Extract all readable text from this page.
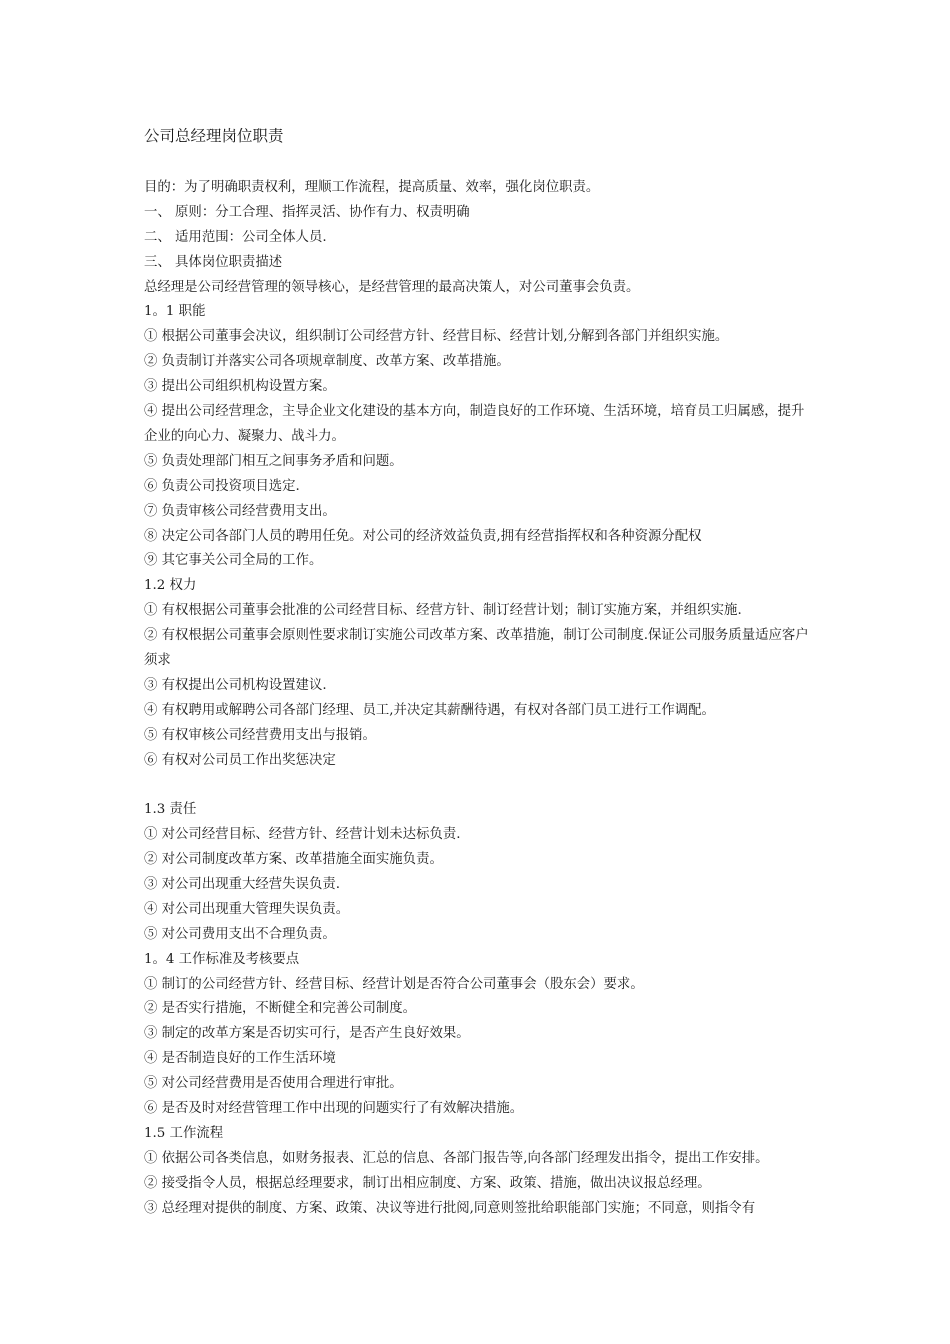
公司总经理岗位职责
目的：为了明确职责权利，理顺工作流程，提高质量、效率，强化岗位职责。
一、 原则：分工合理、指挥灵活、协作有力、权责明确
二、 适用范围：公司全体人员.
三、 具体岗位职责描述
总经理是公司经营管理的领导核心，是经营管理的最高决策人，对公司董事会负责。
1。1 职能
① 根据公司董事会决议，组织制订公司经营方针、经营目标、经营计划,分解到各部门并组织实施。
② 负责制订并落实公司各项规章制度、改革方案、改革措施。
③ 提出公司组织机构设置方案。
④ 提出公司经营理念，主导企业文化建设的基本方向，制造良好的工作环境、生活环境，培育员工归属感，提升企业的向心力、凝聚力、战斗力。
⑤ 负责处理部门相互之间事务矛盾和问题。
⑥ 负责公司投资项目选定.
⑦ 负责审核公司经营费用支出。
⑧ 决定公司各部门人员的聘用任免。对公司的经济效益负责,拥有经营指挥权和各种资源分配权
⑨ 其它事关公司全局的工作。
1.2 权力
① 有权根据公司董事会批准的公司经营目标、经营方针、制订经营计划；制订实施方案，并组织实施.
② 有权根据公司董事会原则性要求制订实施公司改革方案、改革措施，制订公司制度.保证公司服务质量适应客户须求
③ 有权提出公司机构设置建议.
④ 有权聘用或解聘公司各部门经理、员工,并决定其薪酬待遇，有权对各部门员工进行工作调配。
⑤ 有权审核公司经营费用支出与报销。
⑥ 有权对公司员工作出奖惩决定
1.3 责任
① 对公司经营目标、经营方针、经营计划未达标负责.
② 对公司制度改革方案、改革措施全面实施负责。
③ 对公司出现重大经营失误负责.
④ 对公司出现重大管理失误负责。
⑤ 对公司费用支出不合理负责。
1。4 工作标准及考核要点
① 制订的公司经营方针、经营目标、经营计划是否符合公司董事会（股东会）要求。
② 是否实行措施，不断健全和完善公司制度。
③ 制定的改革方案是否切实可行，是否产生良好效果。
④ 是否制造良好的工作生活环境
⑤ 对公司经营费用是否使用合理进行审批。
⑥ 是否及时对经营管理工作中出现的问题实行了有效解决措施。
1.5 工作流程
① 依据公司各类信息，如财务报表、汇总的信息、各部门报告等,向各部门经理发出指令，提出工作安排。
② 接受指令人员，根据总经理要求，制订出相应制度、方案、政策、措施，做出决议报总经理。
③ 总经理对提供的制度、方案、政策、决议等进行批阅,同意则签批给职能部门实施；不同意，则指令有
